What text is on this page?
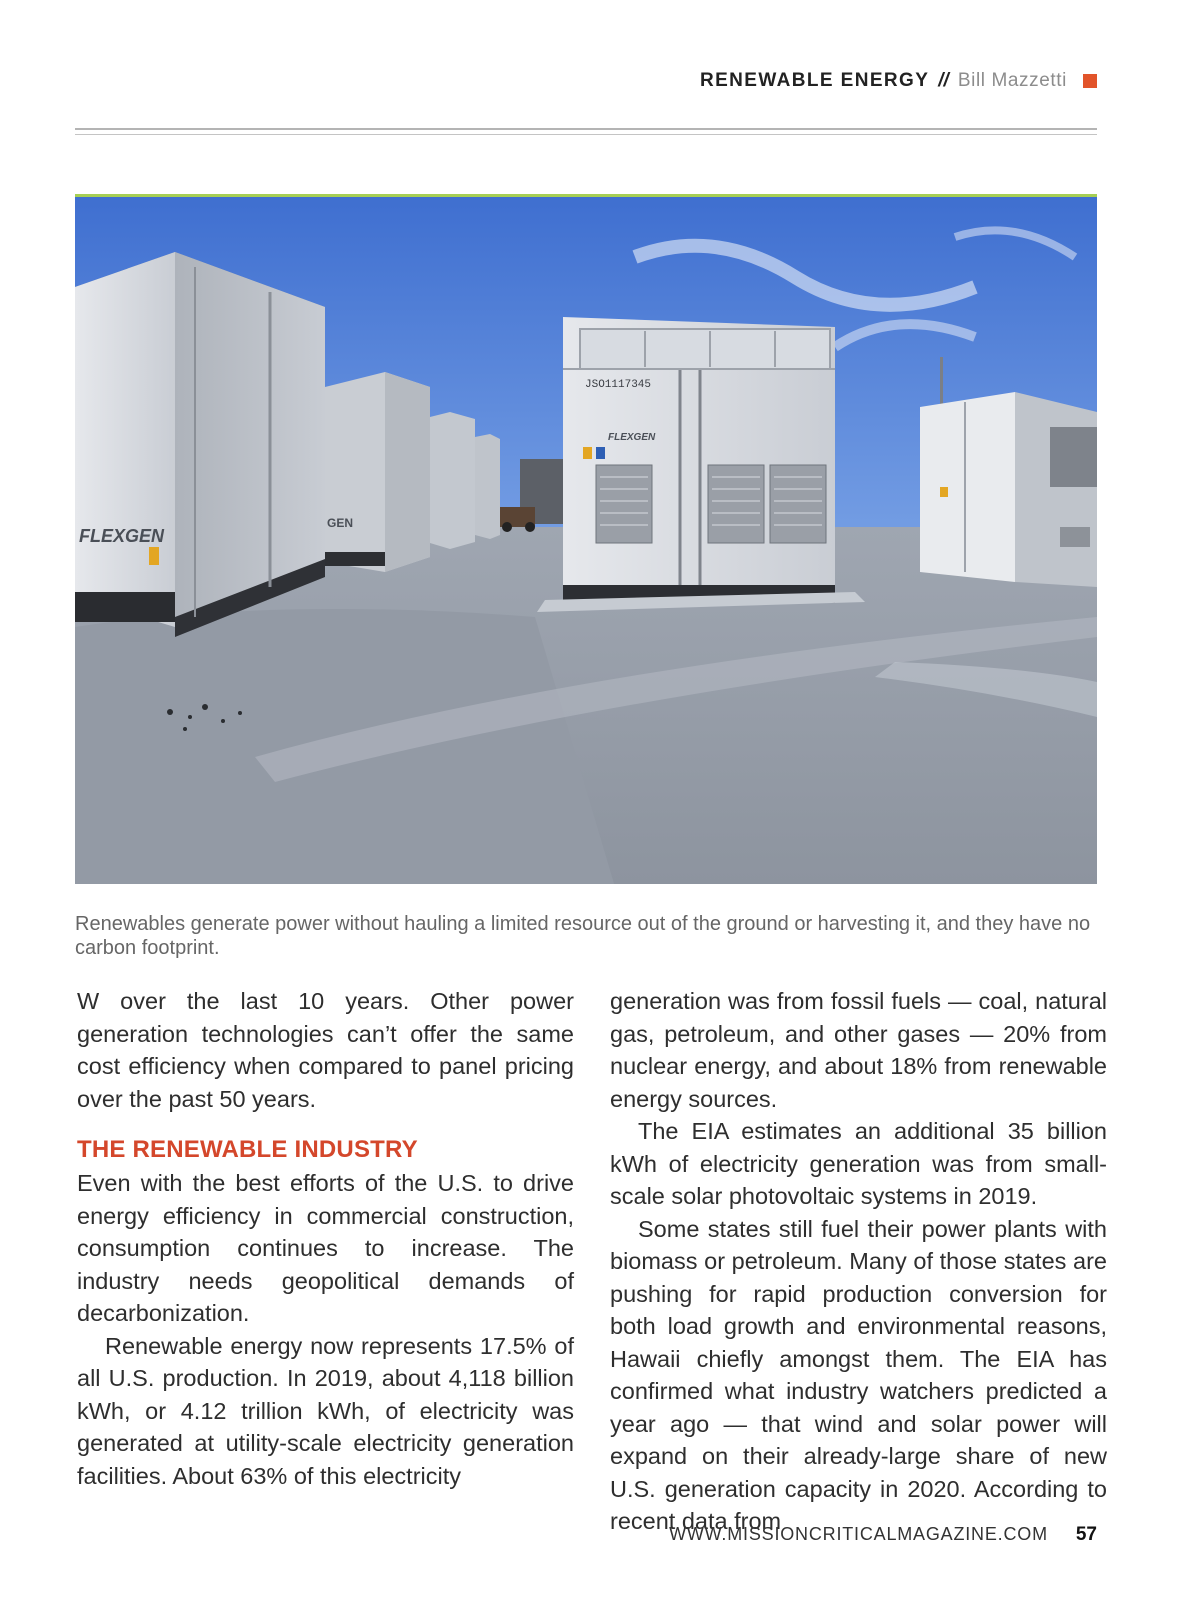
RENEWABLE ENERGY // Bill Mazzetti
FLEXGEN
GEN
JSO1117345
FLEXGEN
Renewables generate power without hauling a limited resource out of the ground or harvesting it, and they have no carbon footprint.

W over the last 10 years. Other power generation technologies can’t offer the same cost efficiency when compared to panel pricing over the past 50 years.

THE RENEWABLE INDUSTRY

Even with the best efforts of the U.S. to drive energy efficiency in commercial construction, consumption continues to increase. The industry needs geopolitical demands of decarbonization.

Renewable energy now represents 17.5% of all U.S. production. In 2019, about 4,118 billion kWh, or 4.12 trillion kWh, of electricity was generated at utility-scale electricity generation facilities. About 63% of this electricity

generation was from fossil fuels — coal, natural gas, petroleum, and other gases — 20% from nuclear energy, and about 18% from renewable energy sources.

The EIA estimates an additional 35 billion kWh of electricity generation was from small-scale solar photovoltaic systems in 2019.

Some states still fuel their power plants with biomass or petroleum. Many of those states are pushing for rapid production conversion for both load growth and environmental reasons, Hawaii chiefly amongst them. The EIA has confirmed what industry watchers predicted a year ago — that wind and solar power will expand on their already-large share of new U.S. generation capacity in 2020. According to recent data from

WWW.MISSIONCRITICALMAGAZINE.COM 57
